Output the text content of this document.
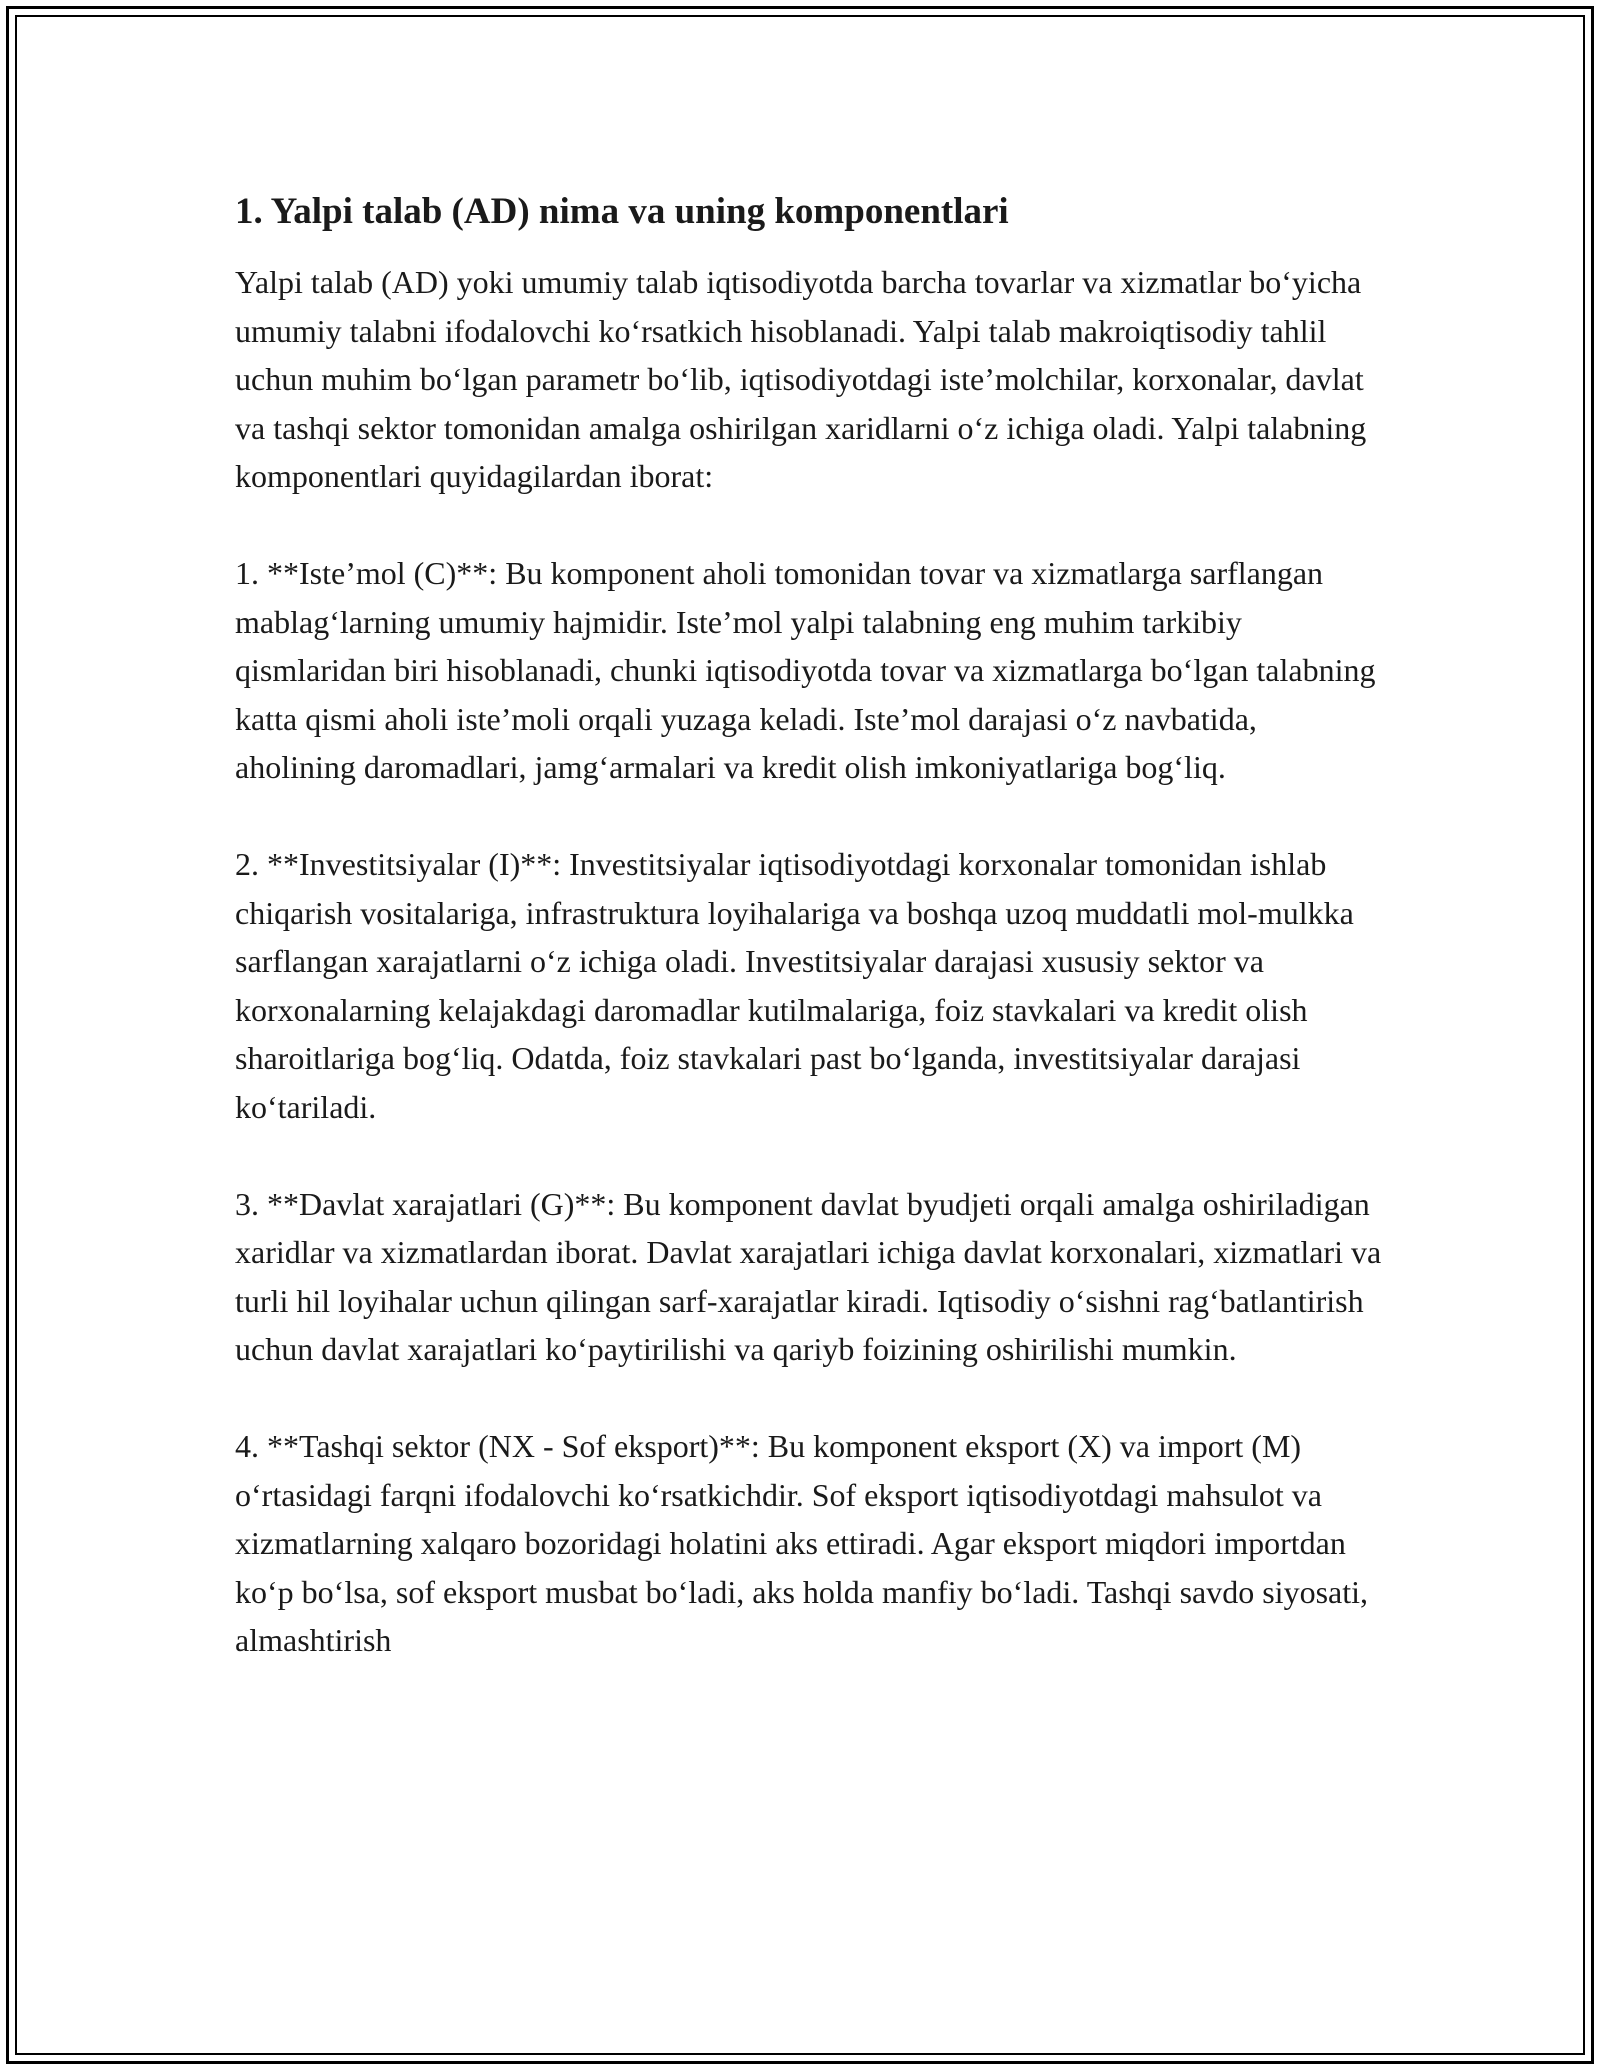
1. Yalpi talab (AD) nima va uning komponentlari

Yalpi talab (AD) yoki umumiy talab iqtisodiyotda barcha tovarlar va xizmatlar bo‘yicha umumiy talabni ifodalovchi ko‘rsatkich hisoblanadi. Yalpi talab makroiqtisodiy tahlil uchun muhim bo‘lgan parametr bo‘lib, iqtisodiyotdagi iste’molchilar, korxonalar, davlat va tashqi sektor tomonidan amalga oshirilgan xaridlarni o‘z ichiga oladi. Yalpi talabning komponentlari quyidagilardan iborat:

1. **Iste’mol (C)**: Bu komponent aholi tomonidan tovar va xizmatlarga sarflangan mablag‘larning umumiy hajmidir. Iste’mol yalpi talabning eng muhim tarkibiy qismlaridan biri hisoblanadi, chunki iqtisodiyotda tovar va xizmatlarga bo‘lgan talabning katta qismi aholi iste’moli orqali yuzaga keladi. Iste’mol darajasi o‘z navbatida, aholining daromadlari, jamg‘armalari va kredit olish imkoniyatlariga bog‘liq.

2. **Investitsiyalar (I)**: Investitsiyalar iqtisodiyotdagi korxonalar tomonidan ishlab chiqarish vositalariga, infrastruktura loyihalariga va boshqa uzoq muddatli mol-mulkka sarflangan xarajatlarni o‘z ichiga oladi. Investitsiyalar darajasi xususiy sektor va korxonalarning kelajakdagi daromadlar kutilmalariga, foiz stavkalari va kredit olish sharoitlariga bog‘liq. Odatda, foiz stavkalari past bo‘lganda, investitsiyalar darajasi ko‘tariladi.

3. **Davlat xarajatlari (G)**: Bu komponent davlat byudjeti orqali amalga oshiriladigan xaridlar va xizmatlardan iborat. Davlat xarajatlari ichiga davlat korxonalari, xizmatlari va turli hil loyihalar uchun qilingan sarf-xarajatlar kiradi. Iqtisodiy o‘sishni rag‘batlantirish uchun davlat xarajatlari ko‘paytirilishi va qariyb foizining oshirilishi mumkin.

4. **Tashqi sektor (NX - Sof eksport)**: Bu komponent eksport (X) va import (M) o‘rtasidagi farqni ifodalovchi ko‘rsatkichdir. Sof eksport iqtisodiyotdagi mahsulot va xizmatlarning xalqaro bozoridagi holatini aks ettiradi. Agar eksport miqdori importdan ko‘p bo‘lsa, sof eksport musbat bo‘ladi, aks holda manfiy bo‘ladi. Tashqi savdo siyosati, almashtirish
